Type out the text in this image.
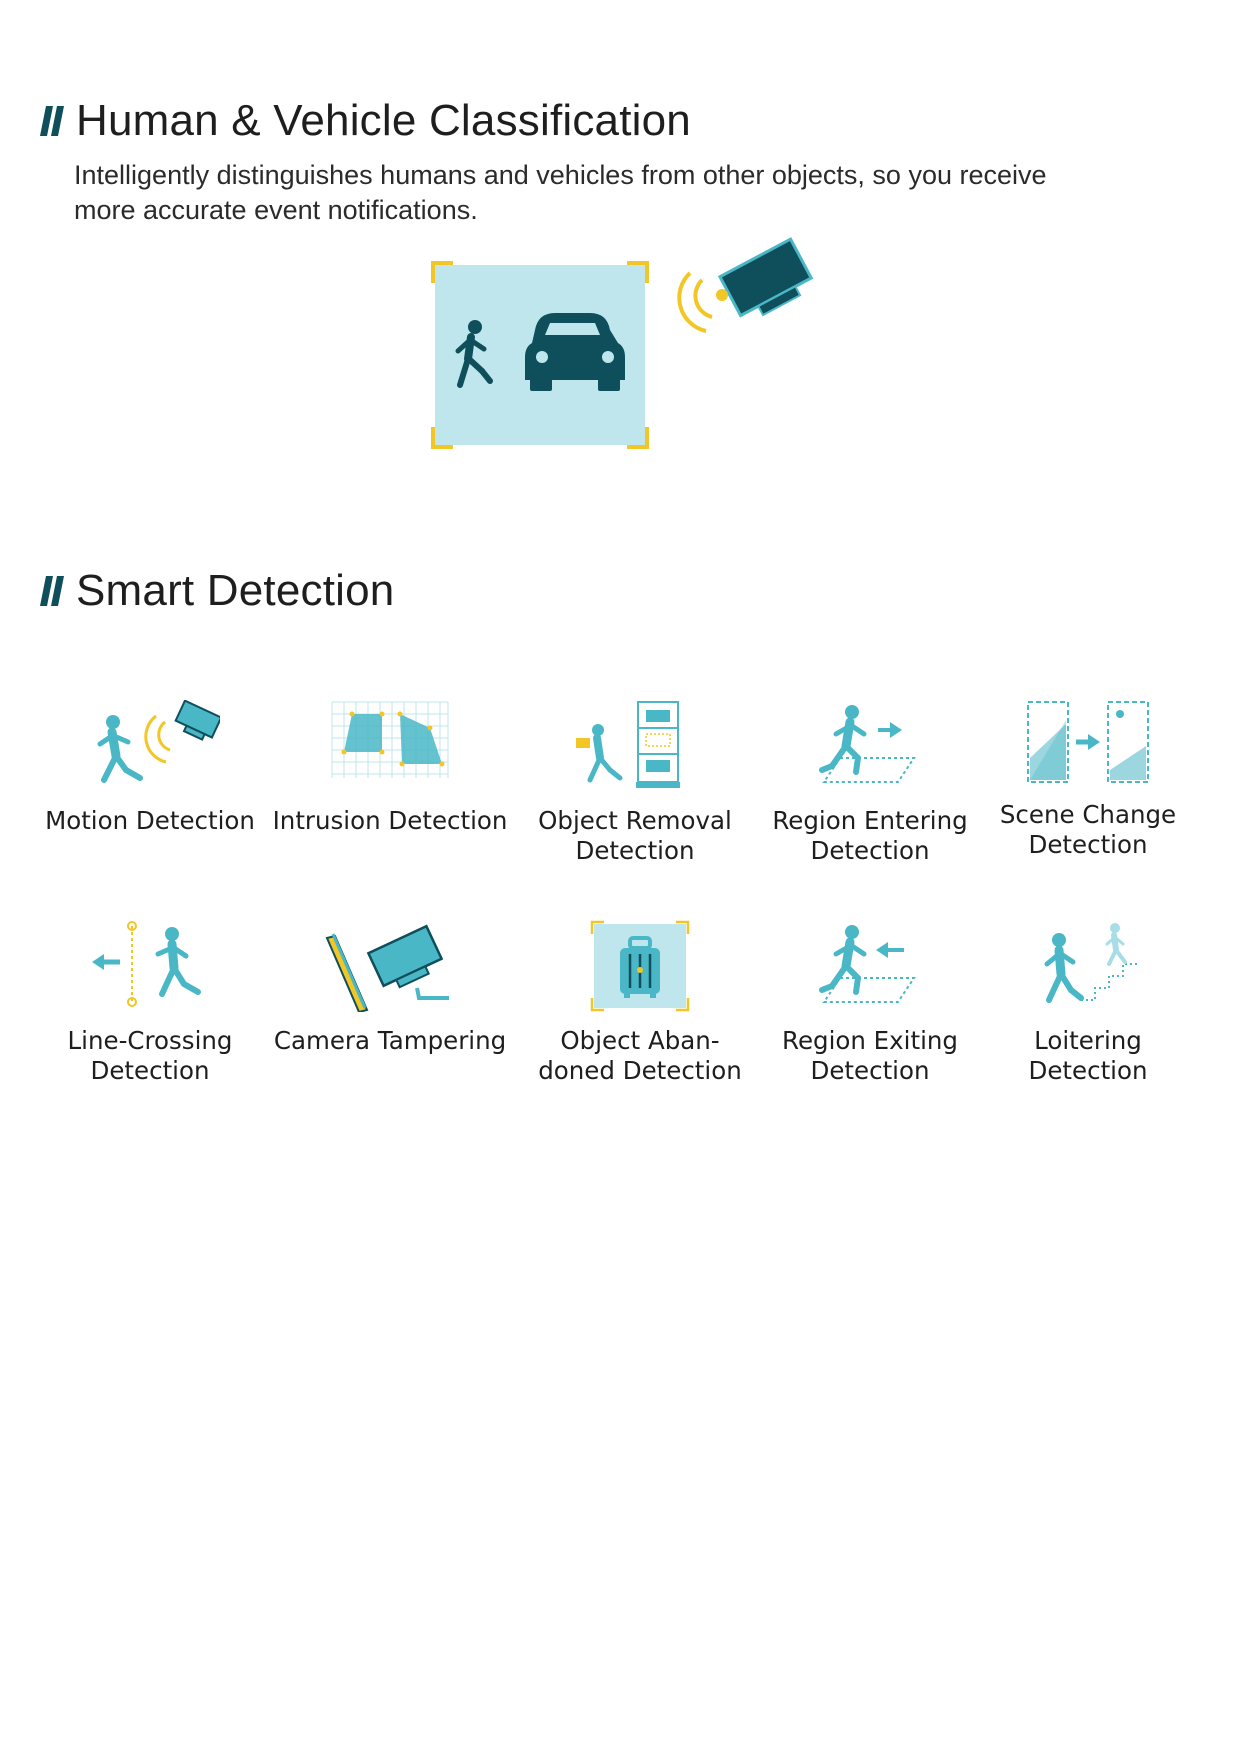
Human & Vehicle Classification
Intelligently distinguishes humans and vehicles from other objects, so you receive more accurate event notifications.
Smart Detection
Motion Detection Intrusion Detection	Object Removal
Detection
Region Entering
Detection
Scene Change
Detection
Line-Crossing
Detection
Camera Tampering	Object Aban-
doned Detection
Region Exiting
Detection
Loitering
Detection
